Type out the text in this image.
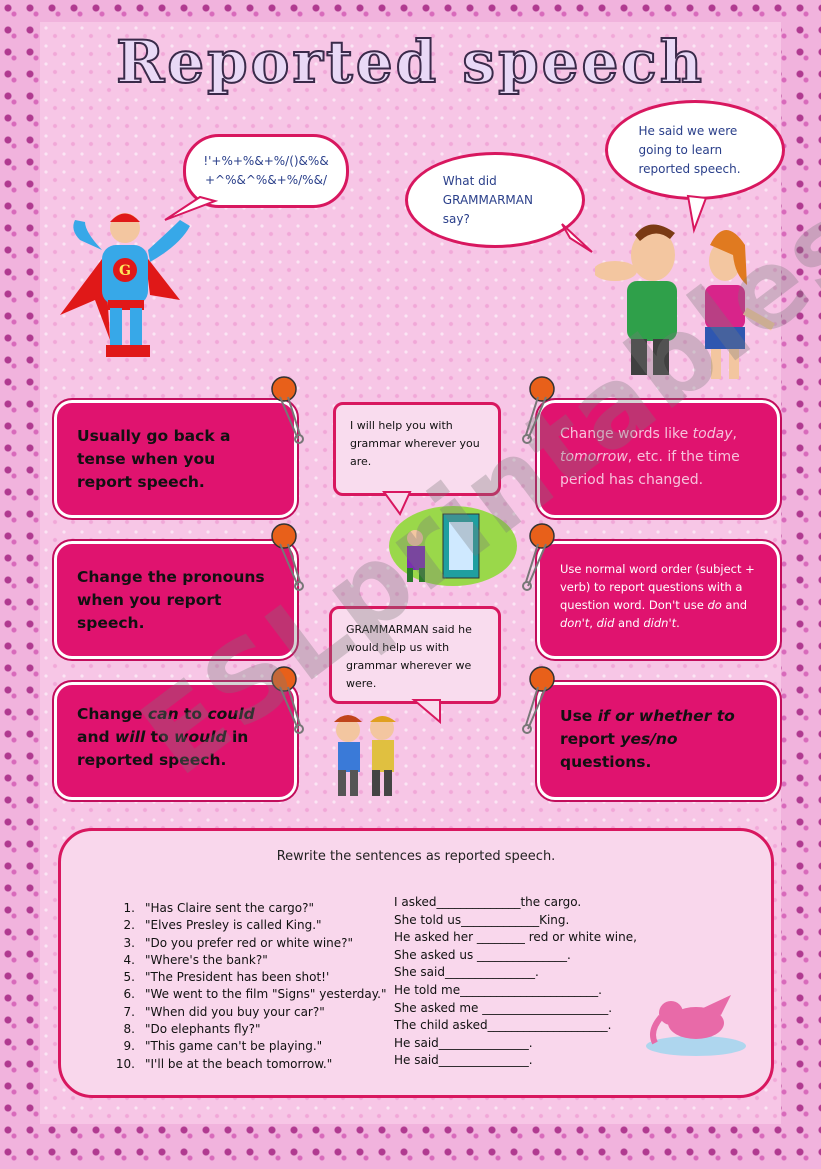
Reported speech
G
!'+%+%&+%/()&%&
+^%&^%&+%/%&/	What did GRAMMARMAN say?
He said we were going to learn reported speech.
Usually go back a tense when you report speech.
Change the pronouns when you report speech.
Change can to could and will to would in reported speech.
Change words like today, tomorrow, etc. if the time period has changed.
Use normal word order (subject + verb) to report questions with a question word. Don't use do and don't, did and didn't.
Use if or whether to report yes/no questions.
I will help you with grammar wherever you are.
GRAMMARMAN said he would help us with grammar wherever we were.
Rewrite the sentences as reported speech.
1. "Has Claire sent the cargo?"
2. "Elves Presley is called King."
3. "Do you prefer red or white wine?"
4. "Where's the bank?"
5. "The President has been shot!'
6. "We went to the film "Signs" yesterday."
7. "When did you buy your car?"
8. "Do elephants fly?"
9. "This game can't be playing."
10. "I'll be at the beach tomorrow."
I asked______________the cargo.
She told us_____________King.
He asked her ________ red or white wine,
She asked us _______________.
She said_______________.
He told me_______________________.
She asked me _____________________.
The child asked____________________.
He said_______________.
He said_______________.
